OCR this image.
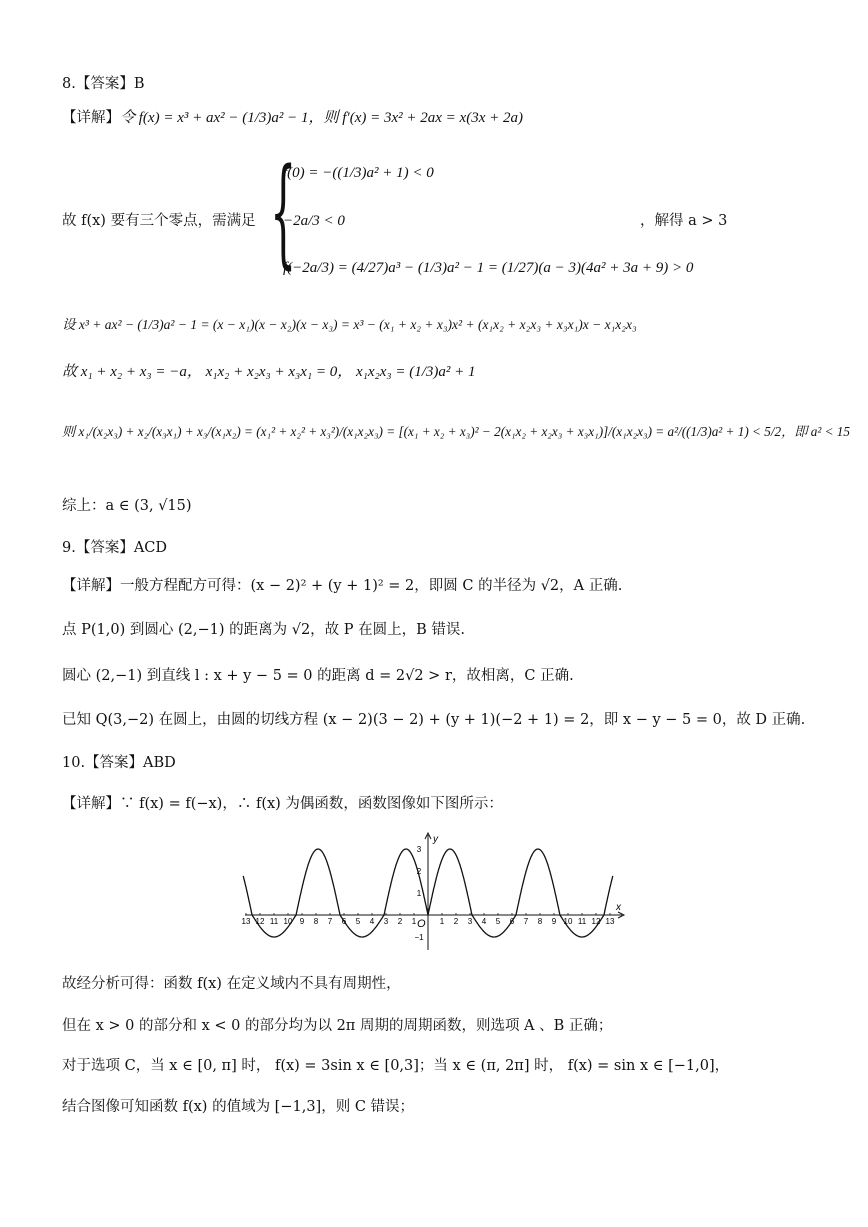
8.【答案】B
【详解】令 f(x) = x³ + ax² − (1/3)a² − 1，则 f′(x) = 3x² + 2ax = x(3x + 2a)
故 f(x) 要有三个零点，需满足 {
f(0) = −((1/3)a² + 1) < 0
−2a/3 < 0
f(−2a/3) = (4/27)a³ − (1/3)a² − 1 = (1/27)(a − 3)(4a² + 3a + 9) > 0
，解得 a > 3
设 x³ + ax² − (1/3)a² − 1 = (x − x₁)(x − x₂)(x − x₃) = x³ − (x₁ + x₂ + x₃)x² + (x₁x₂ + x₂x₃ + x₃x₁)x − x₁x₂x₃
故 x₁ + x₂ + x₃ = −a， x₁x₂ + x₂x₃ + x₃x₁ = 0， x₁x₂x₃ = (1/3)a² + 1
则 x₁/(x₂x₃) + x₂/(x₃x₁) + x₃/(x₁x₂) = (x₁² + x₂² + x₃²)/(x₁x₂x₃) = [(x₁ + x₂ + x₃)² − 2(x₁x₂ + x₂x₃ + x₃x₁)]/(x₁x₂x₃) = a²/((1/3)a² + 1) < 5/2，即 a² < 15
综上：a ∈ (3, √15)
9.【答案】ACD
【详解】一般方程配方可得：(x − 2)² + (y + 1)² = 2，即圆 C 的半径为 √2，A 正确.
点 P(1,0) 到圆心 (2,−1) 的距离为 √2，故 P 在圆上，B 错误.
圆心 (2,−1) 到直线 l : x + y − 5 = 0 的距离 d = 2√2 > r，故相离，C 正确.
已知 Q(3,−2) 在圆上，由圆的切线方程 (x − 2)(3 − 2) + (y + 1)(−2 + 1) = 2，即 x − y − 5 = 0，故 D 正确.
10.【答案】ABD
【详解】∵ f(x) = f(−x)，∴ f(x) 为偶函数，函数图像如下图所示：
x
y
O
13 12 11 10 9 8 7 6 5 4 3 2 1	1 2 3 4 5 6 7 8 9 10 11 12 13
3
2
1
−1
故经分析可得：函数 f(x) 在定义域内不具有周期性，
但在 x > 0 的部分和 x < 0 的部分均为以 2π 周期的周期函数，则选项 A 、B 正确；
对于选项 C，当 x ∈ [0, π] 时， f(x) = 3sin x ∈ [0,3]；当 x ∈ (π, 2π] 时， f(x) = sin x ∈ [−1,0]，
结合图像可知函数 f(x) 的值域为 [−1,3]，则 C 错误；
